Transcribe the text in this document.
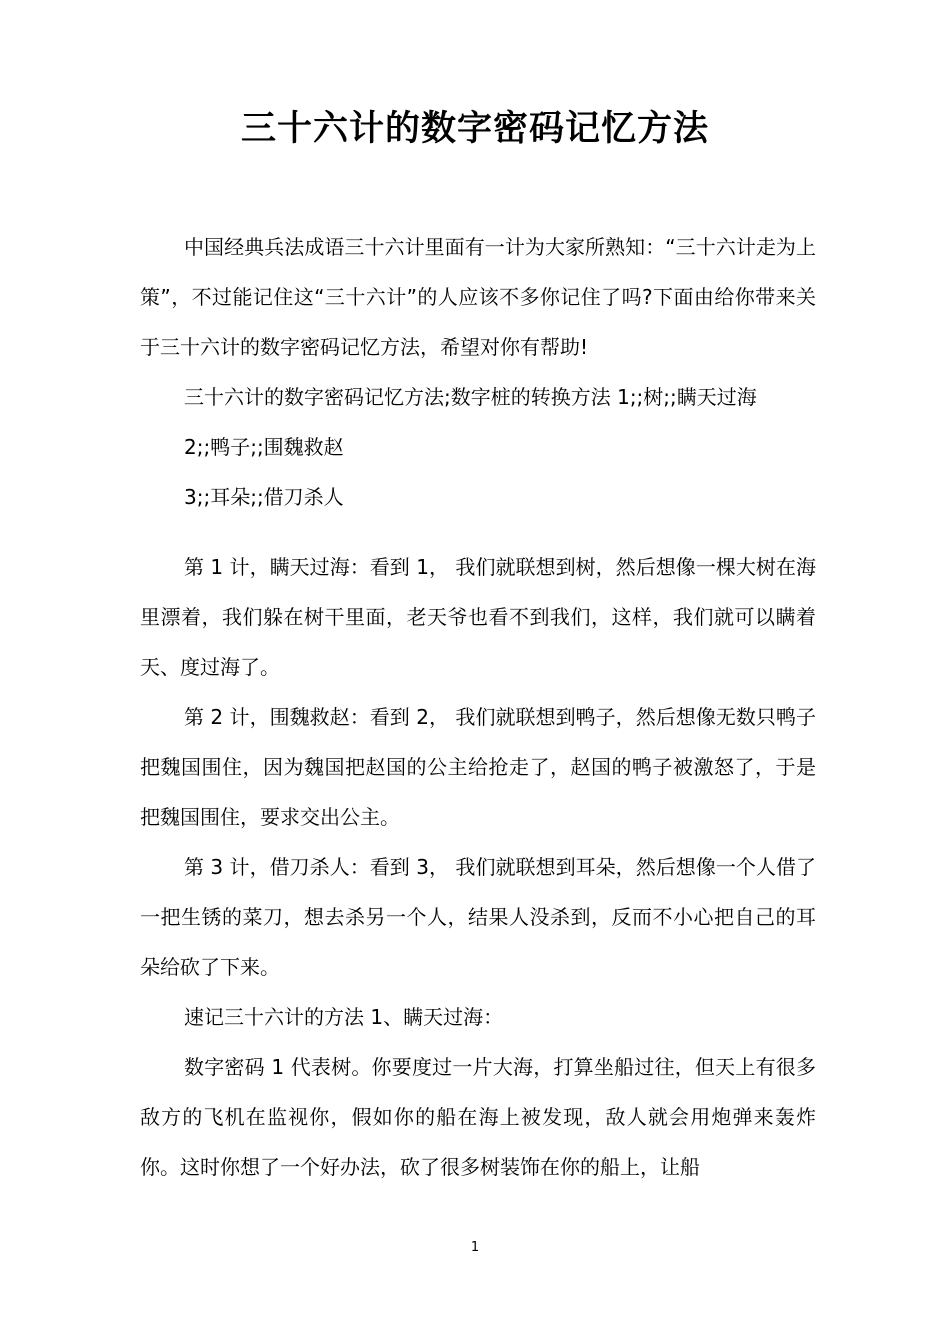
三十六计的数字密码记忆方法

中国经典兵法成语三十六计里面有一计为大家所熟知：“三十六计走为上策”，不过能记住这“三十六计”的人应该不多你记住了吗?下面由给你带来关于三十六计的数字密码记忆方法，希望对你有帮助!

三十六计的数字密码记忆方法;数字桩的转换方法 1;;树;;瞒天过海

2;;鸭子;;围魏救赵

3;;耳朵;;借刀杀人

第 1 计，瞒天过海：看到 1， 我们就联想到树，然后想像一棵大树在海里漂着，我们躲在树干里面，老天爷也看不到我们，这样，我们就可以瞒着天、度过海了。

第 2 计，围魏救赵：看到 2， 我们就联想到鸭子，然后想像无数只鸭子把魏国围住，因为魏国把赵国的公主给抢走了，赵国的鸭子被激怒了，于是把魏国围住，要求交出公主。

第 3 计，借刀杀人：看到 3， 我们就联想到耳朵，然后想像一个人借了一把生锈的菜刀，想去杀另一个人，结果人没杀到，反而不小心把自己的耳朵给砍了下来。

速记三十六计的方法 1、瞒天过海：

数字密码 1 代表树。你要度过一片大海，打算坐船过往，但天上有很多敌方的飞机在监视你，假如你的船在海上被发现，敌人就会用炮弹来轰炸你。这时你想了一个好办法，砍了很多树装饰在你的船上，让船

1
